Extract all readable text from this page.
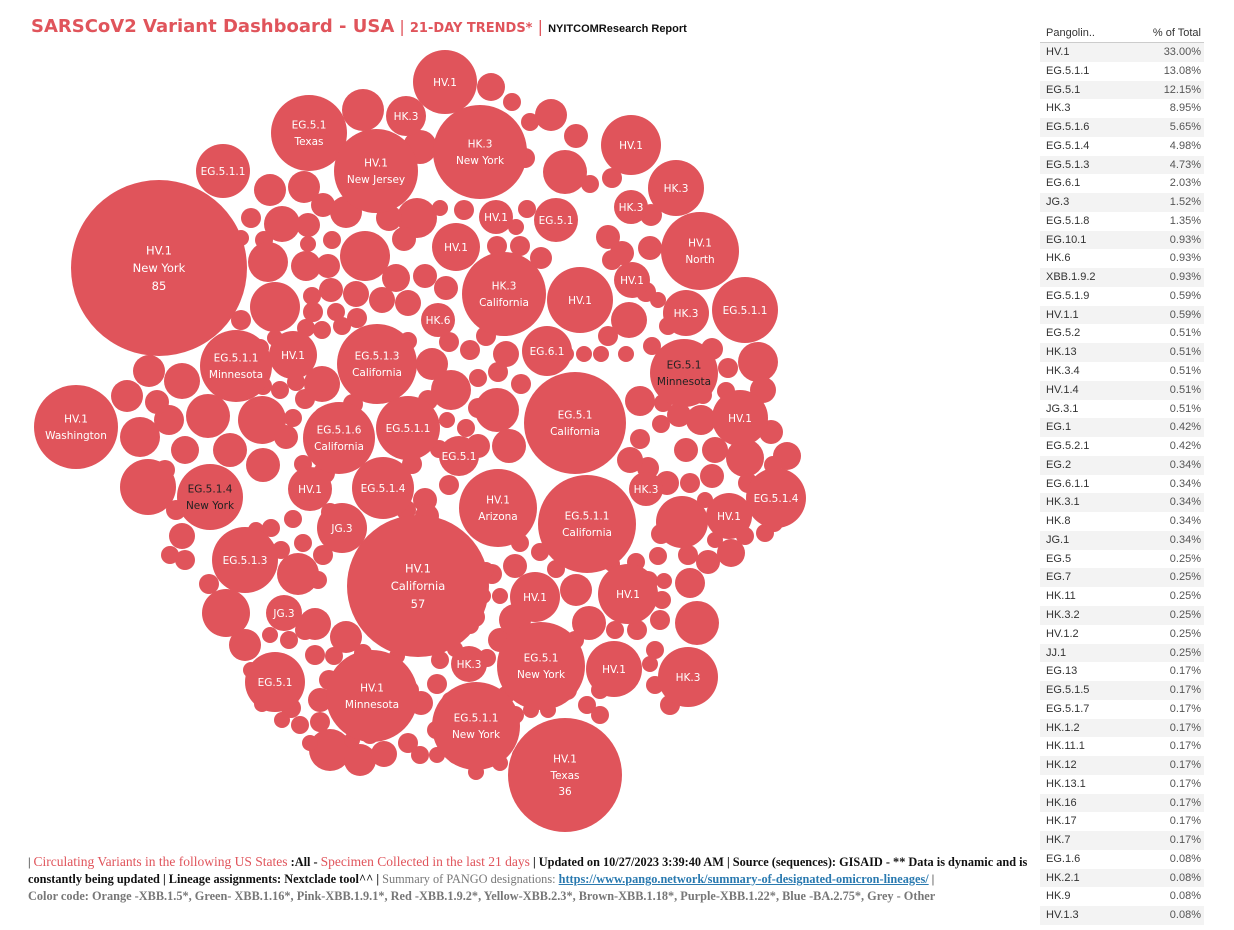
SARSCoV2 Variant Dashboard - USA | 21-DAY TRENDS* | NYITCOMResearch Report
HV.1
HK.3
HV.1
EG.5.1.1
HK.3
HK.3
HV.1	EG.5.1
HV.1
HV.1
HV.1
HK.3 EG.5.1.1
HK.6
EG.6.1
HV.1
EG.5.1.1
HV.1
EG.5.1
HV.1	EG.5.1.4	HK.3
EG.5.1.4
HV.1
JG.3
EG.5.1.3
HV.1	HV.1
JG.3
HK.3	HV.1
EG.5.1	HK.3
HV.1
New York
85
HV.1
California
57
HV.1
Texas
36
HV.1
Washington
EG.5.1
Texas
HV.1
New Jersey
HK.3
New York
HV.1
North
HK.3
California
EG.5.1.1
Minnesota
EG.5.1.3
California
EG.5.1
Minnesota
EG.5.1.6
California
EG.5.1
California
EG.5.1.4
New York	HV.1
Arizona	EG.5.1.1
California
EG.5.1
New York
HV.1
Minnesota
EG.5.1.1
New York
Pangolin..	% of Total
HV.1	33.00%
EG.5.1.1	13.08%
EG.5.1	12.15%
HK.3	8.95%
EG.5.1.6	5.65%
EG.5.1.4	4.98%
EG.5.1.3	4.73%
EG.6.1	2.03%
JG.3	1.52%
EG.5.1.8	1.35%
EG.10.1	0.93%
HK.6	0.93%
XBB.1.9.2	0.93%
EG.5.1.9	0.59%
HV.1.1	0.59%
EG.5.2	0.51%
HK.13	0.51%
HK.3.4	0.51%
HV.1.4	0.51%
JG.3.1	0.51%
EG.1	0.42%
EG.5.2.1	0.42%
EG.2	0.34%
EG.6.1.1	0.34%
HK.3.1	0.34%
HK.8	0.34%
JG.1	0.34%
EG.5	0.25%
EG.7	0.25%
HK.11	0.25%
HK.3.2	0.25%
HV.1.2	0.25%
JJ.1	0.25%
EG.13	0.17%
EG.5.1.5	0.17%
EG.5.1.7	0.17%
HK.1.2	0.17%
HK.11.1	0.17%
HK.12	0.17%
HK.13.1	0.17%
HK.16	0.17%
HK.17	0.17%
HK.7	0.17%
EG.1.6	0.08%
HK.2.1	0.08%
HK.9	0.08%
HV.1.3	0.08%
| Circulating Variants in the following US States :All - Specimen Collected in the last 21 days | Updated on 10/27/2023 3:39:40 AM | Source (sequences): GISAID - ** Data is dynamic and is constantly being updated | Lineage assignments: Nextclade tool^^ | Summary of PANGO designations: https://www.pango.network/summary-of-designated-omicron-lineages/ |
Color code: Orange -XBB.1.5*, Green- XBB.1.16*, Pink-XBB.1.9.1*, Red -XBB.1.9.2*, Yellow-XBB.2.3*, Brown-XBB.1.18*, Purple-XBB.1.22*, Blue -BA.2.75*, Grey - Other
